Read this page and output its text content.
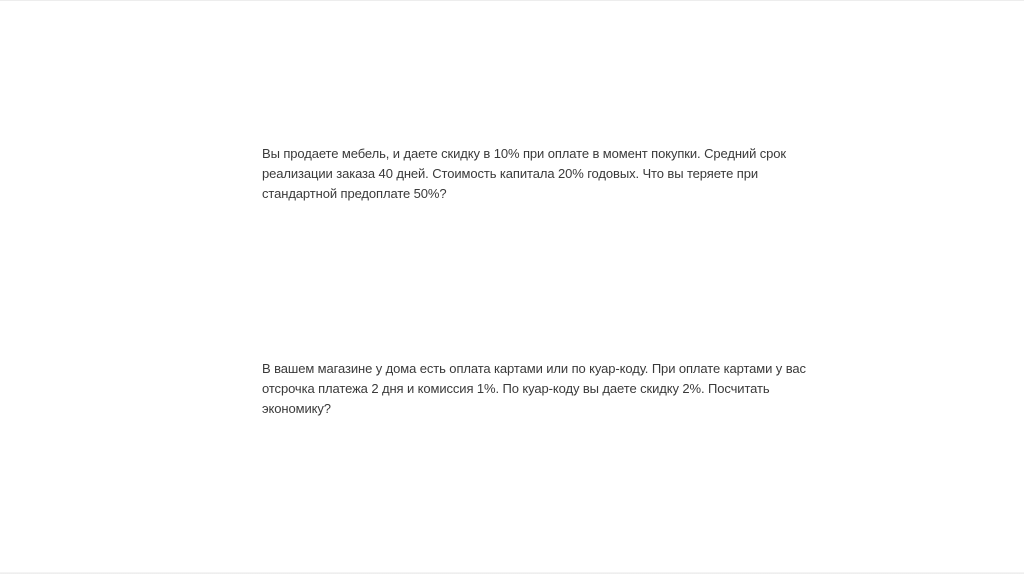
Вы продаете мебель, и даете скидку в 10% при оплате в момент покупки. Средний срок
реализации заказа 40 дней. Стоимость капитала 20% годовых. Что вы теряете при
стандартной предоплате 50%?

В вашем магазине у дома есть оплата картами или по куар-коду. При оплате картами у вас
отсрочка платежа 2 дня и комиссия 1%. По куар-коду вы даете скидку 2%. Посчитать
экономику?
